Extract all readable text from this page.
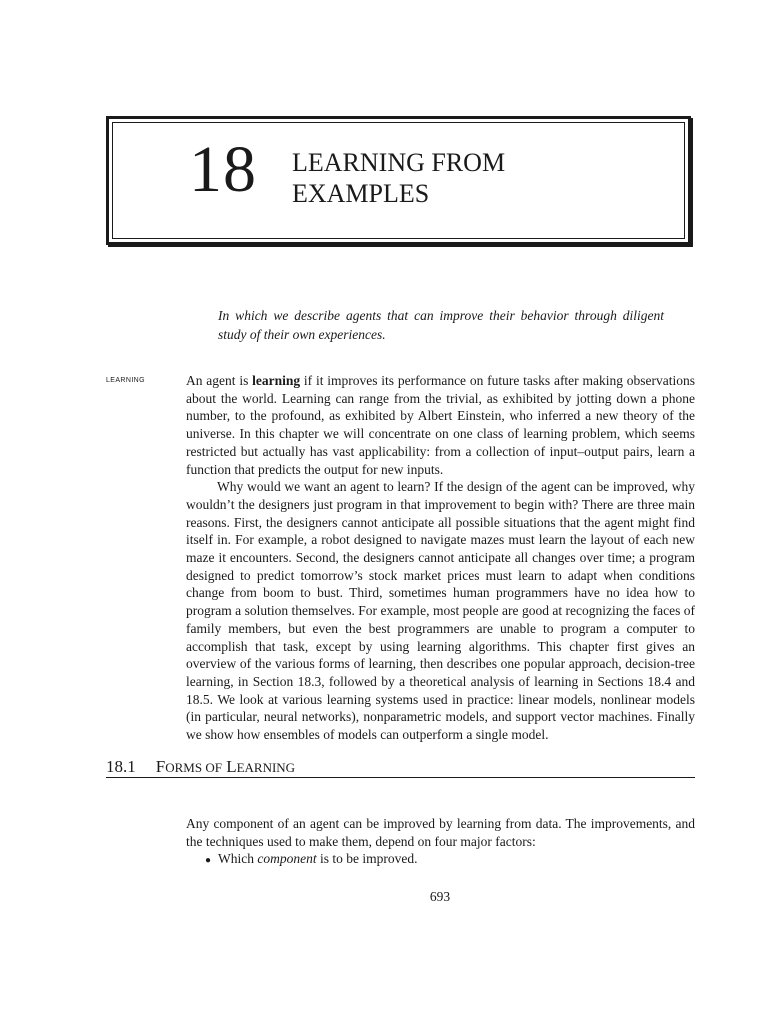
18 LEARNING FROM
EXAMPLES
In which we describe agents that can improve their behavior through diligent study of their own experiences.
LEARNING	An agent is learning if it improves its performance on future tasks after making observations about the world. Learning can range from the trivial, as exhibited by jotting down a phone number, to the profound, as exhibited by Albert Einstein, who inferred a new theory of the universe. In this chapter we will concentrate on one class of learning problem, which seems restricted but actually has vast applicability: from a collection of input–output pairs, learn a function that predicts the output for new inputs.

Why would we want an agent to learn? If the design of the agent can be improved, why wouldn’t the designers just program in that improvement to begin with? There are three main reasons. First, the designers cannot anticipate all possible situations that the agent might find itself in. For example, a robot designed to navigate mazes must learn the layout of each new maze it encounters. Second, the designers cannot anticipate all changes over time; a program designed to predict tomorrow’s stock market prices must learn to adapt when conditions change from boom to bust. Third, sometimes human programmers have no idea how to program a solution themselves. For example, most people are good at recognizing the faces of family members, but even the best programmers are unable to program a computer to accomplish that task, except by using learning algorithms. This chapter first gives an overview of the various forms of learning, then describes one popular approach, decision-tree learning, in Section 18.3, followed by a theoretical analysis of learning in Sections 18.4 and 18.5. We look at various learning systems used in practice: linear models, nonlinear models (in particular, neural networks), nonparametric models, and support vector machines. Finally we show how ensembles of models can outperform a single model.

18.1 FORMS OF LEARNING

Any component of an agent can be improved by learning from data. The improvements, and the techniques used to make them, depend on four major factors:

● Which component is to be improved.
693
